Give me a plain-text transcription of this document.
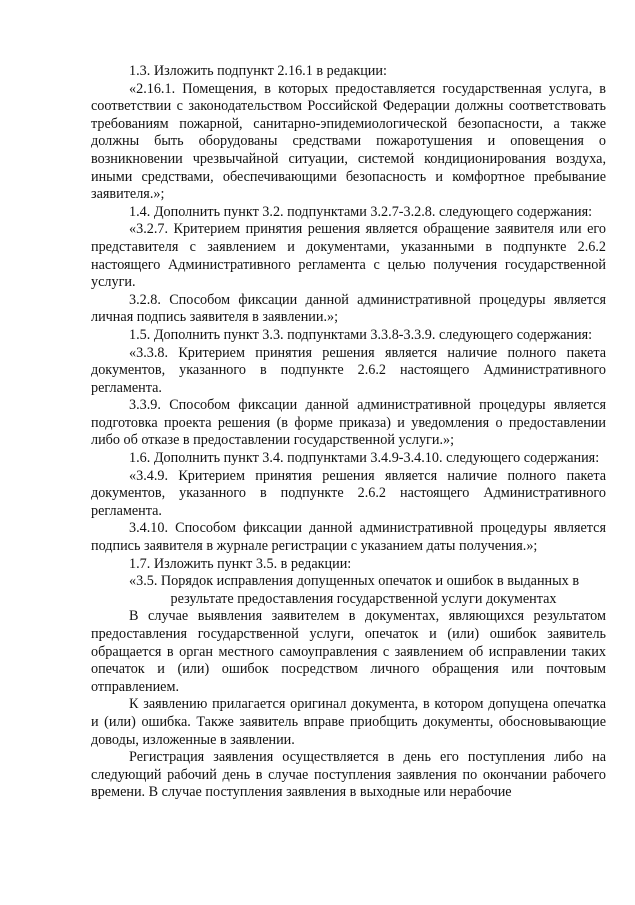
1.3. Изложить подпункт 2.16.1 в редакции:

«2.16.1. Помещения, в которых предоставляется государственная услуга, в соответствии с законодательством Российской Федерации должны соответствовать требованиям пожарной, санитарно-эпидемиологической безопасности, а также должны быть оборудованы средствами пожаротушения и оповещения о возникновении чрезвычайной ситуации, системой кондиционирования воздуха, иными средствами, обеспечивающими безопасность и комфортное пребывание заявителя.»;

1.4. Дополнить пункт 3.2. подпунктами 3.2.7-3.2.8. следующего содержания:

«3.2.7. Критерием принятия решения является обращение заявителя или его представителя с заявлением и документами, указанными в подпункте 2.6.2 настоящего Административного регламента с целью получения государственной услуги.

3.2.8. Способом фиксации данной административной процедуры является личная подпись заявителя в заявлении.»;

1.5. Дополнить пункт 3.3. подпунктами 3.3.8-3.3.9. следующего содержания:

«3.3.8. Критерием принятия решения является наличие полного пакета документов, указанного в подпункте 2.6.2 настоящего Административного регламента.

3.3.9. Способом фиксации данной административной процедуры является подготовка проекта решения (в форме приказа) и уведомления о предоставлении либо об отказе в предоставлении государственной услуги.»;

1.6. Дополнить пункт 3.4. подпунктами 3.4.9-3.4.10. следующего содержания:

«3.4.9. Критерием принятия решения является наличие полного пакета документов, указанного в подпункте 2.6.2 настоящего Административного регламента.

3.4.10. Способом фиксации данной административной процедуры является подпись заявителя в журнале регистрации с указанием даты получения.»;

1.7. Изложить пункт 3.5. в редакции:

«3.5. Порядок исправления допущенных опечаток и ошибок в выданных в

результате предоставления государственной услуги документах

В случае выявления заявителем в документах, являющихся результатом предоставления государственной услуги, опечаток и (или) ошибок заявитель обращается в орган местного самоуправления с заявлением об исправлении таких опечаток и (или) ошибок посредством личного обращения или почтовым отправлением.

К заявлению прилагается оригинал документа, в котором допущена опечатка и (или) ошибка. Также заявитель вправе приобщить документы, обосновывающие доводы, изложенные в заявлении.

Регистрация заявления осуществляется в день его поступления либо на следующий рабочий день в случае поступления заявления по окончании рабочего времени. В случае поступления заявления в выходные или нерабочие
